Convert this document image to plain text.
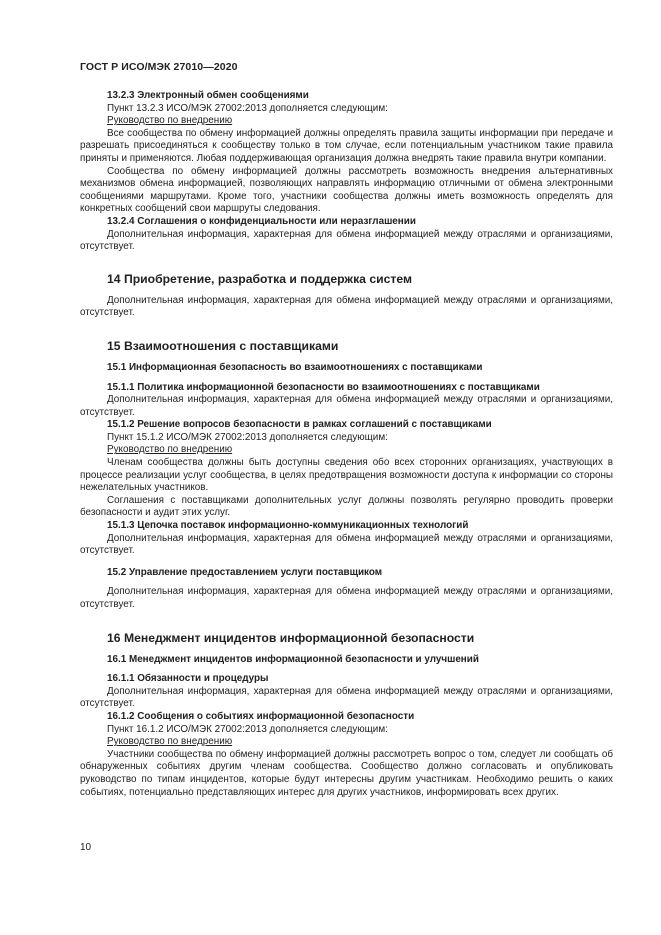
ГОСТ Р ИСО/МЭК 27010—2020

13.2.3 Электронный обмен сообщениями

Пункт 13.2.3 ИСО/МЭК 27002:2013 дополняется следующим:

Руководство по внедрению

Все сообщества по обмену информацией должны определять правила защиты информации при передаче и разрешать присоединяться к сообществу только в том случае, если потенциальным участником такие правила приняты и применяются. Любая поддерживающая организация должна внедрять такие правила внутри компании.

Сообщества по обмену информацией должны рассмотреть возможность внедрения альтернативных механизмов обмена информацией, позволяющих направлять информацию отличными от обмена электронными сообщениями маршрутами. Кроме того, участники сообщества должны иметь возможность определять для конкретных сообщений свои маршруты следования.

13.2.4 Соглашения о конфиденциальности или неразглашении

Дополнительная информация, характерная для обмена информацией между отраслями и организациями, отсутствует.

14 Приобретение, разработка и поддержка систем

Дополнительная информация, характерная для обмена информацией между отраслями и организациями, отсутствует.

15 Взаимоотношения с поставщиками

15.1 Информационная безопасность во взаимоотношениях с поставщиками

15.1.1 Политика информационной безопасности во взаимоотношениях с поставщиками

Дополнительная информация, характерная для обмена информацией между отраслями и организациями, отсутствует.

15.1.2 Решение вопросов безопасности в рамках соглашений с поставщиками

Пункт 15.1.2 ИСО/МЭК 27002:2013 дополняется следующим:

Руководство по внедрению

Членам сообщества должны быть доступны сведения обо всех сторонних организациях, участвующих в процессе реализации услуг сообщества, в целях предотвращения возможности доступа к информации со стороны нежелательных участников.

Соглашения с поставщиками дополнительных услуг должны позволять регулярно проводить проверки безопасности и аудит этих услуг.

15.1.3 Цепочка поставок информационно-коммуникационных технологий

Дополнительная информация, характерная для обмена информацией между отраслями и организациями, отсутствует.

15.2 Управление предоставлением услуги поставщиком

Дополнительная информация, характерная для обмена информацией между отраслями и организациями, отсутствует.

16 Менеджмент инцидентов информационной безопасности

16.1 Менеджмент инцидентов информационной безопасности и улучшений

16.1.1 Обязанности и процедуры

Дополнительная информация, характерная для обмена информацией между отраслями и организациями, отсутствует.

16.1.2 Сообщения о событиях информационной безопасности

Пункт 16.1.2 ИСО/МЭК 27002:2013 дополняется следующим:

Руководство по внедрению

Участники сообщества по обмену информацией должны рассмотреть вопрос о том, следует ли сообщать об обнаруженных событиях другим членам сообщества. Сообщество должно согласовать и опубликовать руководство по типам инцидентов, которые будут интересны другим участникам. Необходимо решить о каких событиях, потенциально представляющих интерес для других участников, информировать всех других.

10
